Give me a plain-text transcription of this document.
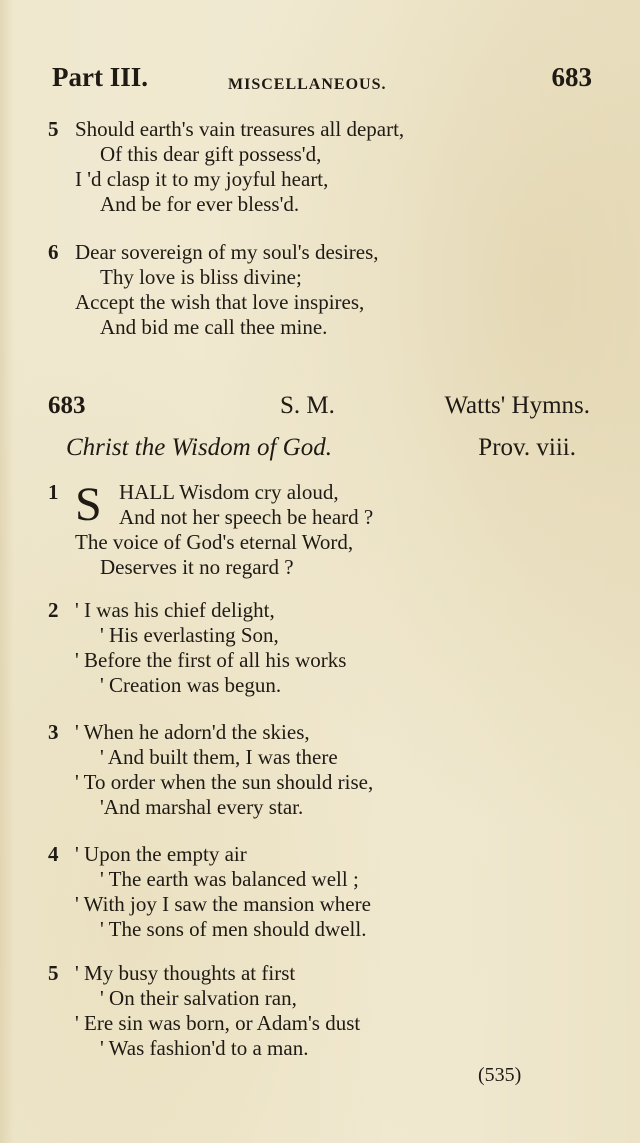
Part III.	MISCELLANEOUS.	683
5 Should earth's vain treasures all depart,
Of this dear gift possess'd,
I 'd clasp it to my joyful heart,
And be for ever bless'd.
6 Dear sovereign of my soul's desires,
Thy love is bliss divine;
Accept the wish that love inspires,
And bid me call thee mine.
683	S. M.	Watts' Hymns.
Christ the Wisdom of God.	Prov. viii.
1 S HALL Wisdom cry aloud,
And not her speech be heard ?
The voice of God's eternal Word,
Deserves it no regard ?
2 ' I was his chief delight,
' His everlasting Son,
' Before the first of all his works
' Creation was begun.
3 ' When he adorn'd the skies,
' And built them, I was there
' To order when the sun should rise,
'And marshal every star.
4 ' Upon the empty air
' The earth was balanced well ;
' With joy I saw the mansion where
' The sons of men should dwell.
5 ' My busy thoughts at first
' On their salvation ran,
' Ere sin was born, or Adam's dust
' Was fashion'd to a man.
(535)
